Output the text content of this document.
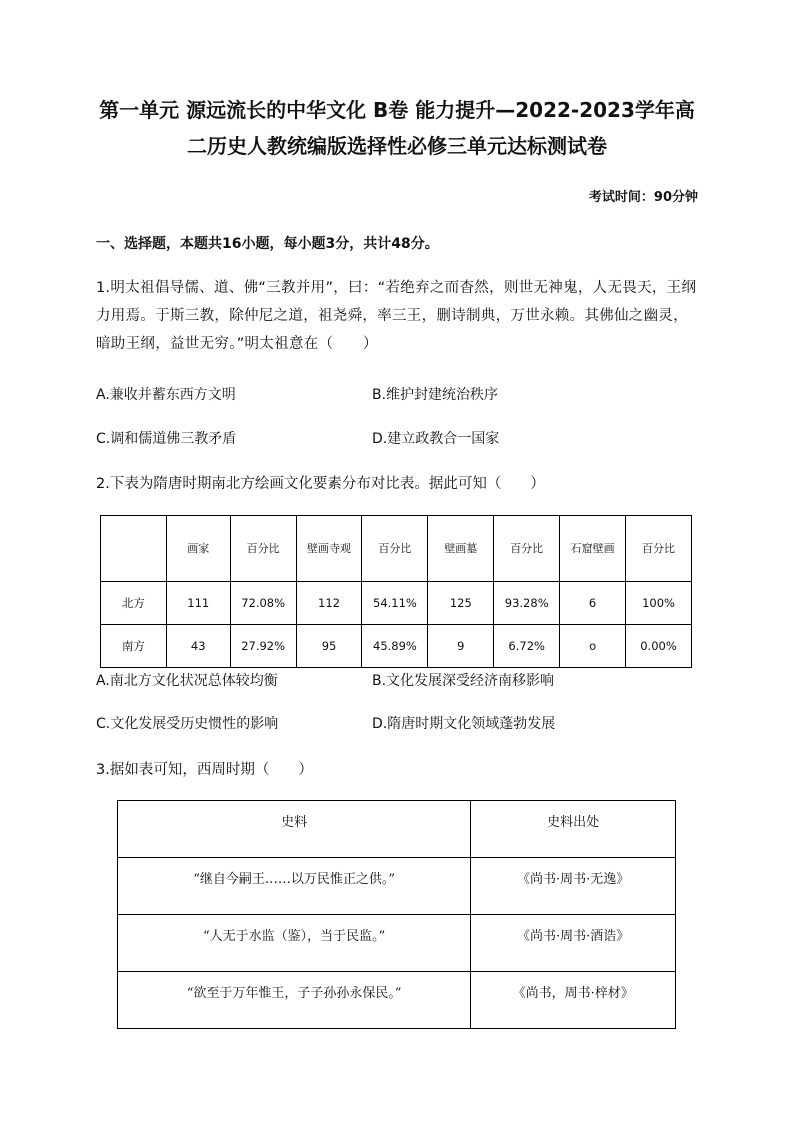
第一单元 源远流长的中华文化 B卷 能力提升—2022-2023学年高
二历史人教统编版选择性必修三单元达标测试卷
考试时间：90分钟
一、选择题，本题共16小题，每小题3分，共计48分。
1.明太祖倡导儒、道、佛“三教并用”，曰：“若绝弃之而杳然，则世无神鬼，人无畏天，王纲力用焉。于斯三教，除仲尼之道，祖尧舜，率三王，删诗制典，万世永赖。其佛仙之幽灵，暗助王纲，益世无穷。”明太祖意在（　　）
A.兼收并蓄东西方文明	B.维护封建统治秩序
C.调和儒道佛三教矛盾	D.建立政教合一国家
2.下表为隋唐时期南北方绘画文化要素分布对比表。据此可知（　　）
	画家	百分比	壁画寺观	百分比	壁画墓	百分比	石窟壁画	百分比
北方	111	72.08%	112	54.11%	125	93.28%	6	100%
南方	43	27.92%	95	45.89%	9	6.72%	o	0.00%
A.南北方文化状况总体较均衡	B.文化发展深受经济南移影响
C.文化发展受历史惯性的影响	D.隋唐时期文化领域蓬勃发展
3.据如表可知，西周时期（　　）
史料	史料出处
“继自今嗣王……以万民惟正之供。”	《尚书·周书·无逸》
“人无于水监（鉴），当于民监。”	《尚书·周书·酒诰》
“欲至于万年惟王，子子孙孙永保民。”	《尚书，周书·梓材》
